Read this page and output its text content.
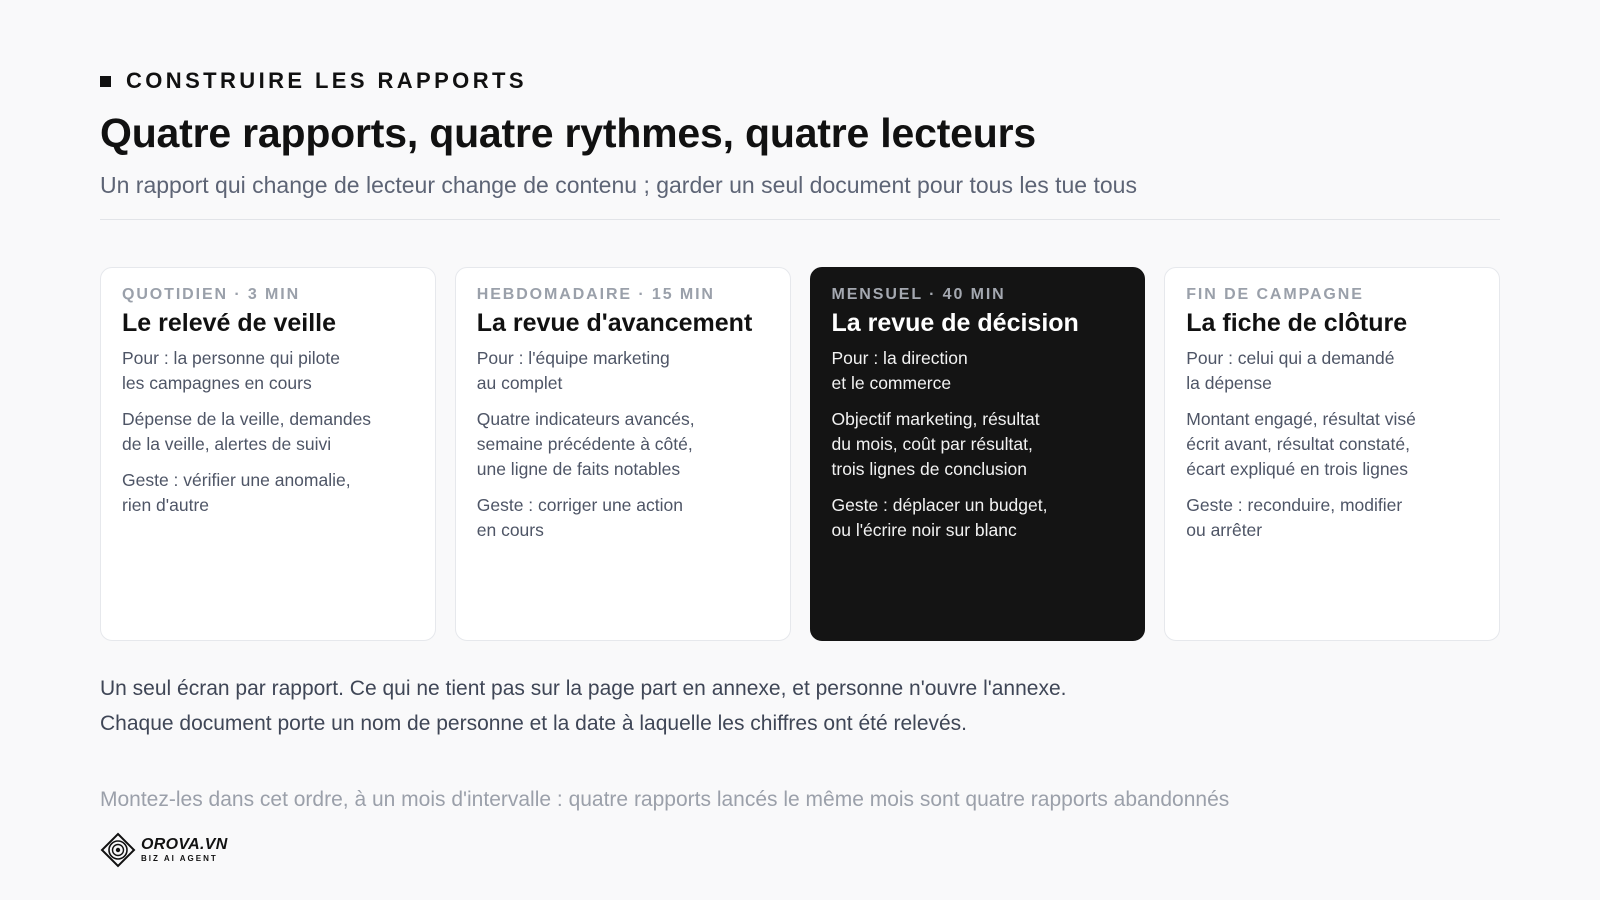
CONSTRUIRE LES RAPPORTS
Quatre rapports, quatre rythmes, quatre lecteurs
Un rapport qui change de lecteur change de contenu ; garder un seul document pour tous les tue tous
QUOTIDIEN · 3 MIN
Le relevé de veille
Pour : la personne qui pilote
les campagnes en cours
Dépense de la veille, demandes
de la veille, alertes de suivi
Geste : vérifier une anomalie,
rien d'autre
HEBDOMADAIRE · 15 MIN
La revue d'avancement
Pour : l'équipe marketing
au complet
Quatre indicateurs avancés,
semaine précédente à côté,
une ligne de faits notables
Geste : corriger une action
en cours
MENSUEL · 40 MIN
La revue de décision
Pour : la direction
et le commerce
Objectif marketing, résultat
du mois, coût par résultat,
trois lignes de conclusion
Geste : déplacer un budget,
ou l'écrire noir sur blanc
FIN DE CAMPAGNE
La fiche de clôture
Pour : celui qui a demandé
la dépense
Montant engagé, résultat visé
écrit avant, résultat constaté,
écart expliqué en trois lignes
Geste : reconduire, modifier
ou arrêter
Un seul écran par rapport. Ce qui ne tient pas sur la page part en annexe, et personne n'ouvre l'annexe.
Chaque document porte un nom de personne et la date à laquelle les chiffres ont été relevés.
Montez-les dans cet ordre, à un mois d'intervalle : quatre rapports lancés le même mois sont quatre rapports abandonnés
OROVA.VN
BIZ AI AGENT
